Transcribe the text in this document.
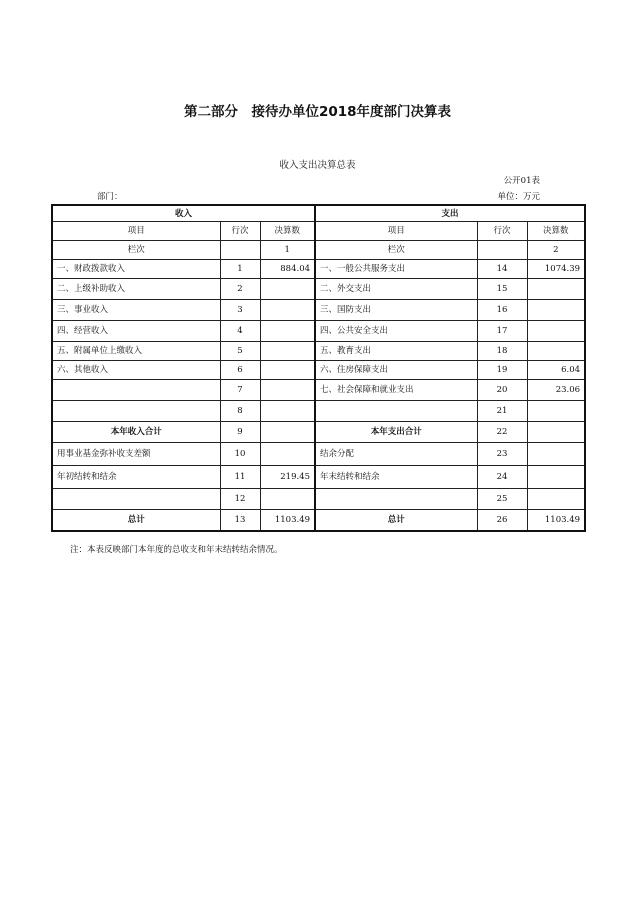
第二部分　接待办单位2018年度部门决算表
收入支出决算总表
公开01表
部门：	单位：万元
收入			支出		
项目	行次	决算数	项目	行次	决算数
栏次		1	栏次		2
一、财政拨款收入	1	884.04	一、一般公共服务支出	14	1074.39
二、上级补助收入	2		二、外交支出	15	
三、事业收入	3		三、国防支出	16	
四、经营收入	4		四、公共安全支出	17	
五、附属单位上缴收入	5		五、教育支出	18	
六、其他收入	6		六、住房保障支出	19	6.04
	7		七、社会保障和就业支出	20	23.06
	8			21	
本年收入合计	9		本年支出合计	22	
用事业基金弥补收支差额	10		结余分配	23	
年初结转和结余	11	219.45	年末结转和结余	24	
	12			25	
总计	13	1103.49	总计	26	1103.49
注：本表反映部门本年度的总收支和年末结转结余情况。
